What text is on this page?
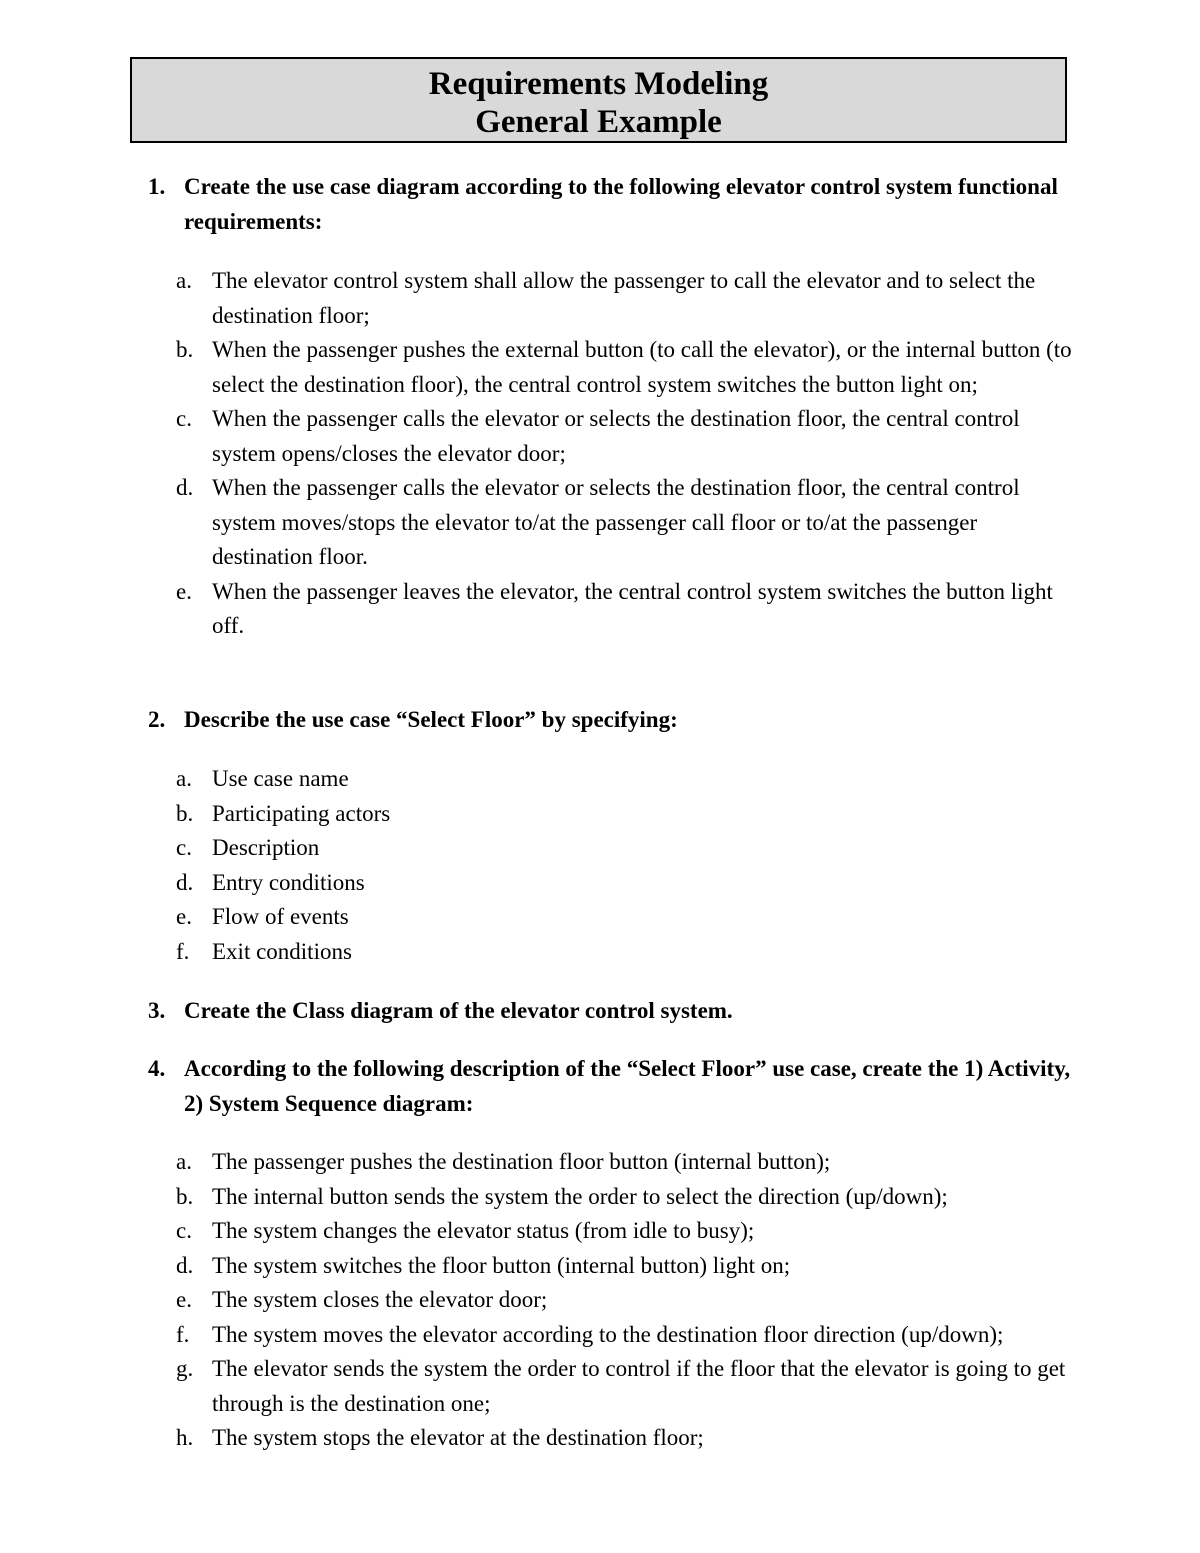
Requirements Modeling
General Example
1. Create the use case diagram according to the following elevator control system functional requirements:
a. The elevator control system shall allow the passenger to call the elevator and to select the destination floor;
b. When the passenger pushes the external button (to call the elevator), or the internal button (to select the destination floor), the central control system switches the button light on;
c. When the passenger calls the elevator or selects the destination floor, the central control system opens/closes the elevator door;
d. When the passenger calls the elevator or selects the destination floor, the central control system moves/stops the elevator to/at the passenger call floor or to/at the passenger destination floor.
e. When the passenger leaves the elevator, the central control system switches the button light off.
2. Describe the use case “Select Floor” by specifying:
a. Use case name
b. Participating actors
c. Description
d. Entry conditions
e. Flow of events
f. Exit conditions
3. Create the Class diagram of the elevator control system.
4. According to the following description of the “Select Floor” use case, create the 1) Activity, 2) System Sequence diagram:
a. The passenger pushes the destination floor button (internal button);
b. The internal button sends the system the order to select the direction (up/down);
c. The system changes the elevator status (from idle to busy);
d. The system switches the floor button (internal button) light on;
e. The system closes the elevator door;
f. The system moves the elevator according to the destination floor direction (up/down);
g. The elevator sends the system the order to control if the floor that the elevator is going to get through is the destination one;
h. The system stops the elevator at the destination floor;
